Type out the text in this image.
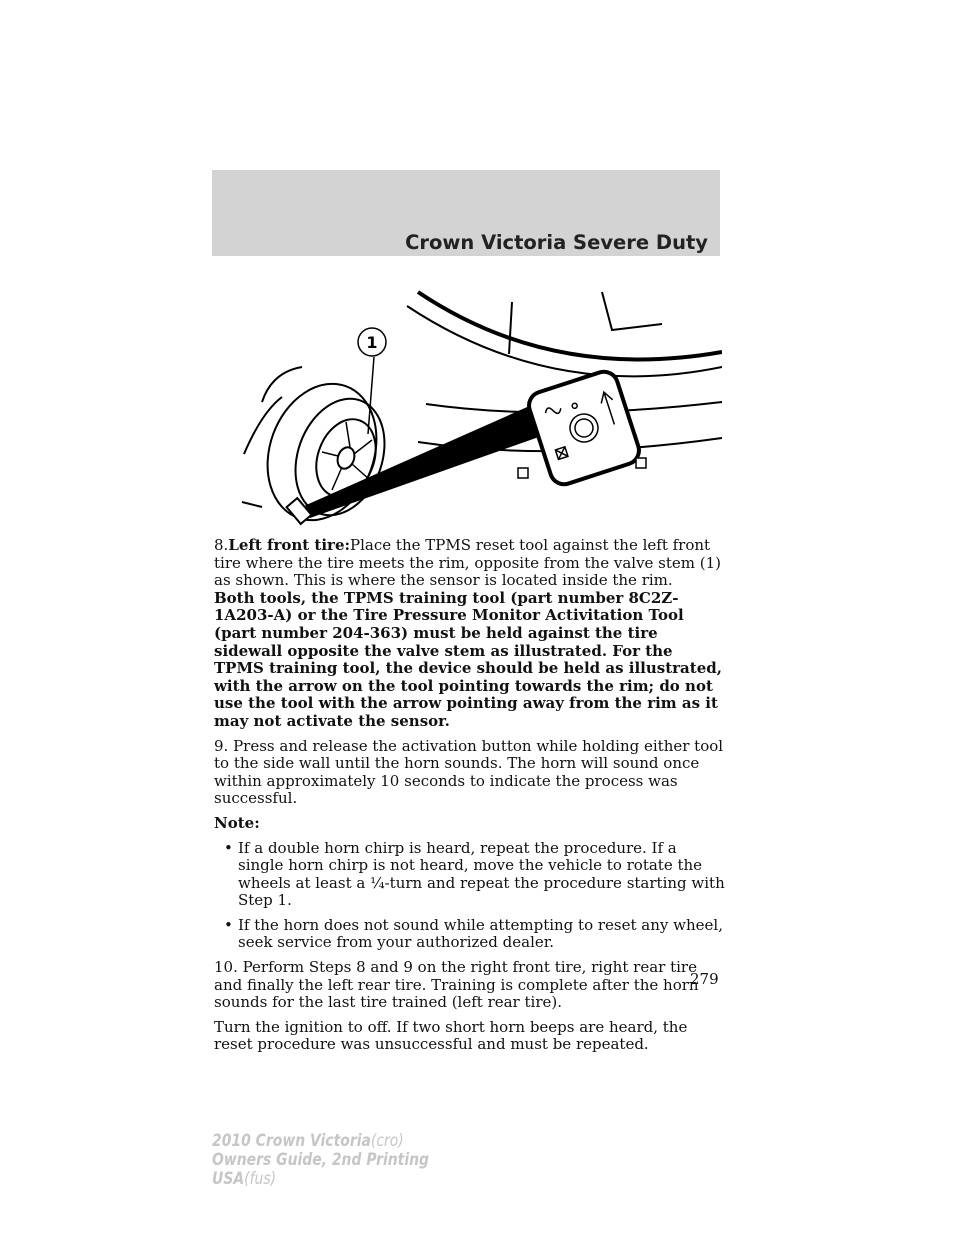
Crown Victoria Severe Duty
1

8.Left front tire:Place the TPMS reset tool against the left front tire where the tire meets the rim, opposite from the valve stem (1) as shown. This is where the sensor is located inside the rim.

Both tools, the TPMS training tool (part number 8C2Z-1A203-A) or the Tire Pressure Monitor Activitation Tool (part number 204-363) must be held against the tire sidewall opposite the valve stem as illustrated. For the TPMS training tool, the device should be held as illustrated, with the arrow on the tool pointing towards the rim; do not use the tool with the arrow pointing away from the rim as it may not activate the sensor.

9. Press and release the activation button while holding either tool to the side wall until the horn sounds. The horn will sound once within approximately 10 seconds to indicate the process was successful.

Note:

• If a double horn chirp is heard, repeat the procedure. If a single horn chirp is not heard, move the vehicle to rotate the wheels at least a ¼-turn and repeat the procedure starting with Step 1.
• If the horn does not sound while attempting to reset any wheel, seek service from your authorized dealer.

10. Perform Steps 8 and 9 on the right front tire, right rear tire and finally the left rear tire. Training is complete after the horn sounds for the last tire trained (left rear tire).

Turn the ignition to off. If two short horn beeps are heard, the reset procedure was unsuccessful and must be repeated.

279
2010 Crown Victoria(cro)
Owners Guide, 2nd Printing
USA(fus)
